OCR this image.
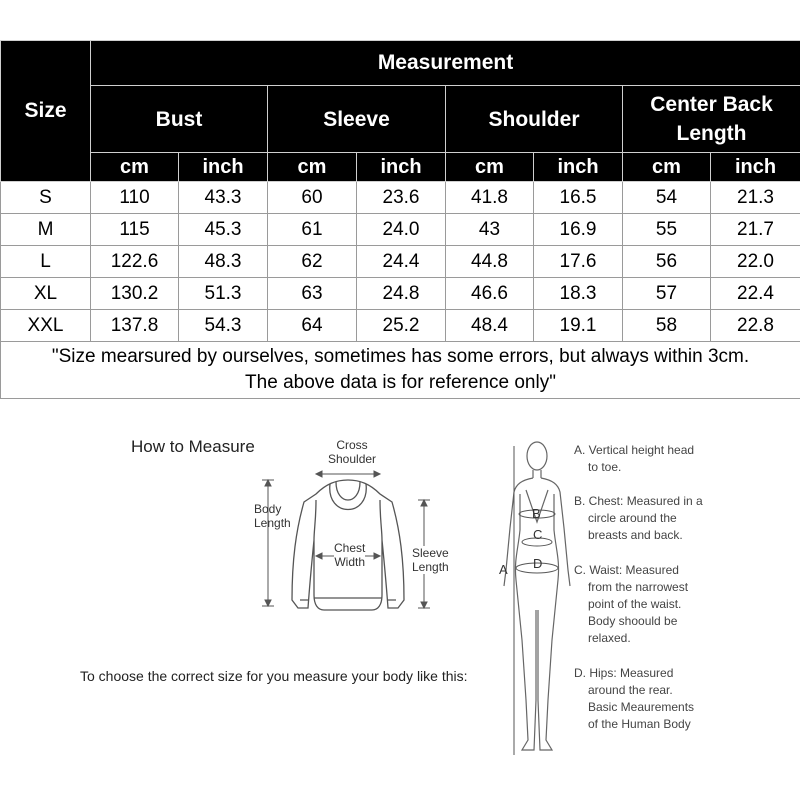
Size	Measurement							
	Bust		Sleeve		Shoulder		Center Back Length	
	cm	inch	cm	inch	cm	inch	cm	inch
S	110	43.3	60	23.6	41.8	16.5	54	21.3
M	115	45.3	61	24.0	43	16.9	55	21.7
L	122.6	48.3	62	24.4	44.8	17.6	56	22.0
XL	130.2	51.3	63	24.8	46.6	18.3	57	22.4
XXL	137.8	54.3	64	25.2	48.4	19.1	58	22.8

"Size mearsured by ourselves, sometimes has some errors, but always within 3cm.
The above data is for reference only"								
How to Measure	Cross
Shoulder
Body
Length
Chest
Width
Sleeve
Length
To choose the correct size for you measure your body like this:
B
C
D
A
A. Vertical height head
to toe.
B. Chest: Measured in a
circle around the
breasts and back.
C. Waist: Measured
from the narrowest
point of the waist.
Body shoould be
relaxed.
D. Hips: Measured
around the rear.
Basic Meaurements
of the Human Body
